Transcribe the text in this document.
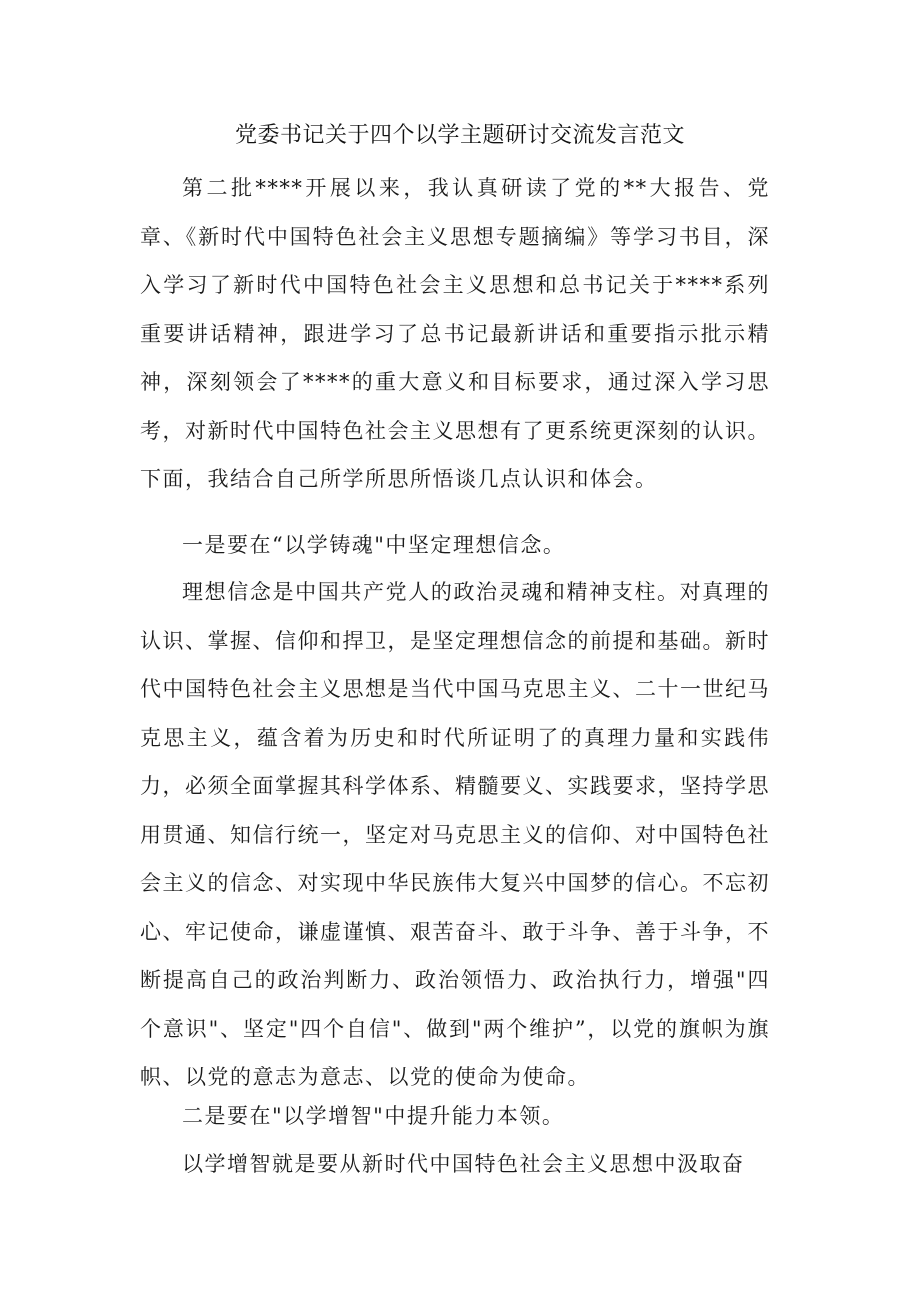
党委书记关于四个以学主题研讨交流发言范文

第二批****开展以来，我认真研读了党的**大报告、党章、《新时代中国特色社会主义思想专题摘编》等学习书目，深入学习了新时代中国特色社会主义思想和总书记关于****系列重要讲话精神，跟进学习了总书记最新讲话和重要指示批示精神，深刻领会了****的重大意义和目标要求，通过深入学习思考，对新时代中国特色社会主义思想有了更系统更深刻的认识。下面，我结合自己所学所思所悟谈几点认识和体会。

一是要在“以学铸魂"中坚定理想信念。

理想信念是中国共产党人的政治灵魂和精神支柱。对真理的认识、掌握、信仰和捍卫，是坚定理想信念的前提和基础。新时代中国特色社会主义思想是当代中国马克思主义、二十一世纪马克思主义，蕴含着为历史和时代所证明了的真理力量和实践伟力，必须全面掌握其科学体系、精髓要义、实践要求，坚持学思用贯通、知信行统一，坚定对马克思主义的信仰、对中国特色社会主义的信念、对实现中华民族伟大复兴中国梦的信心。不忘初心、牢记使命，谦虚谨慎、艰苦奋斗、敢于斗争、善于斗争，不断提高自己的政治判断力、政治领悟力、政治执行力，增强"四个意识"、坚定"四个自信"、做到"两个维护”，以党的旗帜为旗帜、以党的意志为意志、以党的使命为使命。

二是要在"以学增智"中提升能力本领。

以学增智就是要从新时代中国特色社会主义思想中汲取奋
